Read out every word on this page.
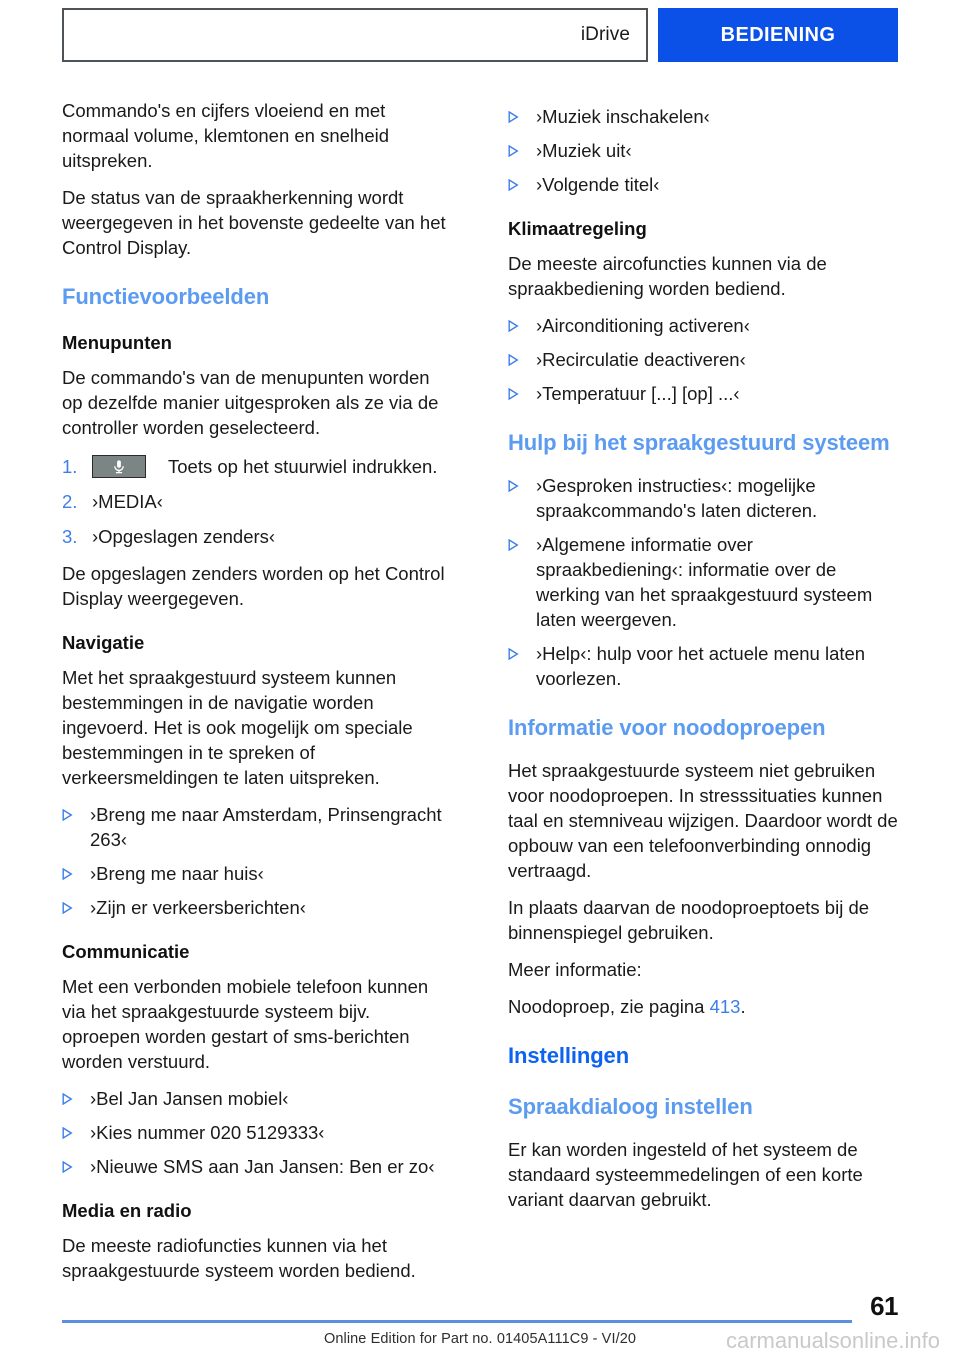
iDrive	BEDIENING

Commando's en cijfers vloeiend en met normaal volume, klemtonen en snelheid uitspreken.

De status van de spraakherkenning wordt weergegeven in het bovenste gedeelte van het Control Display.

Functievoorbeelden
Menupunten

De commando's van de menupunten worden op dezelfde manier uitgesproken als ze via de controller worden geselecteerd.

1.	Toets op het stuurwiel indrukken.
2. ›MEDIA‹
3. ›Opgeslagen zenders‹

De opgeslagen zenders worden op het Control Display weergegeven.

Navigatie

Met het spraakgestuurd systeem kunnen bestemmingen in de navigatie worden ingevoerd. Het is ook mogelijk om speciale bestemmingen in te spreken of verkeersmeldingen te laten uitspreken.

›Breng me naar Amsterdam, Prinsengracht 263‹
›Breng me naar huis‹
›Zijn er verkeersberichten‹
Communicatie

Met een verbonden mobiele telefoon kunnen via het spraakgestuurde systeem bijv. oproepen worden gestart of sms-berichten worden verstuurd.

›Bel Jan Jansen mobiel‹
›Kies nummer 020 5129333‹
›Nieuwe SMS aan Jan Jansen: Ben er zo‹
Media en radio

De meeste radiofuncties kunnen via het spraakgestuurde systeem worden bediend.

›Muziek inschakelen‹
›Muziek uit‹
›Volgende titel‹
Klimaatregeling

De meeste aircofuncties kunnen via de spraakbediening worden bediend.

›Airconditioning activeren‹
›Recirculatie deactiveren‹
›Temperatuur [...] [op] ...‹
Hulp bij het spraakgestuurd systeem
›Gesproken instructies‹: mogelijke spraakcommando's laten dicteren.
›Algemene informatie over spraakbediening‹: informatie over de werking van het spraakgestuurd systeem laten weergeven.
›Help‹: hulp voor het actuele menu laten voorlezen.
Informatie voor noodoproepen

Het spraakgestuurde systeem niet gebruiken voor noodoproepen. In stresssituaties kunnen taal en stemniveau wijzigen. Daardoor wordt de opbouw van een telefoonverbinding onnodig vertraagd.

In plaats daarvan de noodoproeptoets bij de binnenspiegel gebruiken.

Meer informatie:

Noodoproep, zie pagina 413.

Instellingen
Spraakdialoog instellen

Er kan worden ingesteld of het systeem de standaard systeemmedelingen of een korte variant daarvan gebruikt.

61
Online Edition for Part no. 01405A111C9 - VI/20	carmanualsonline.info
